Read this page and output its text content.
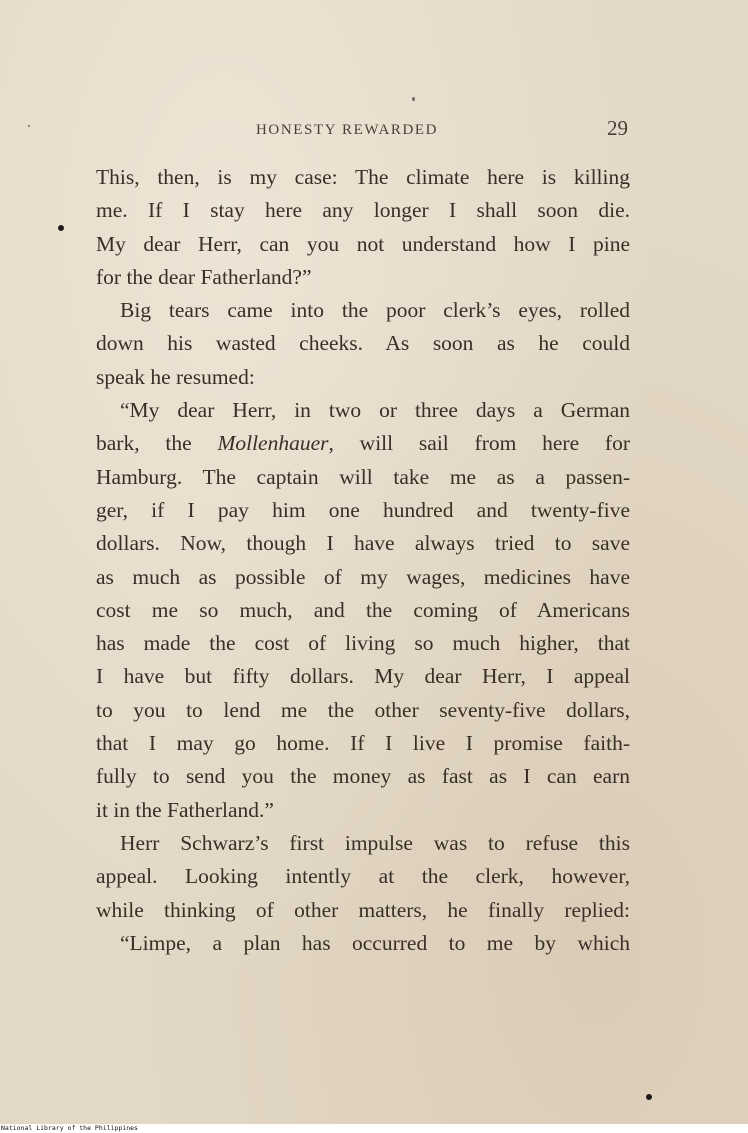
HONESTY REWARDED	29
This, then, is my case: The climate here is killing
me. If I stay here any longer I shall soon die.
My dear Herr, can you not understand how I pine
for the dear Fatherland?”
Big tears came into the poor clerk’s eyes, rolled
down his wasted cheeks. As soon as he could
speak he resumed:
“My dear Herr, in two or three days a German
bark, the Mollenhauer, will sail from here for
Hamburg. The captain will take me as a passen-
ger, if I pay him one hundred and twenty-five
dollars. Now, though I have always tried to save
as much as possible of my wages, medicines have
cost me so much, and the coming of Americans
has made the cost of living so much higher, that
I have but fifty dollars. My dear Herr, I appeal
to you to lend me the other seventy-five dollars,
that I may go home. If I live I promise faith-
fully to send you the money as fast as I can earn
it in the Fatherland.”
Herr Schwarz’s first impulse was to refuse this
appeal. Looking intently at the clerk, however,
while thinking of other matters, he finally replied:
“Limpe, a plan has occurred to me by which
National Library of the Philippines
